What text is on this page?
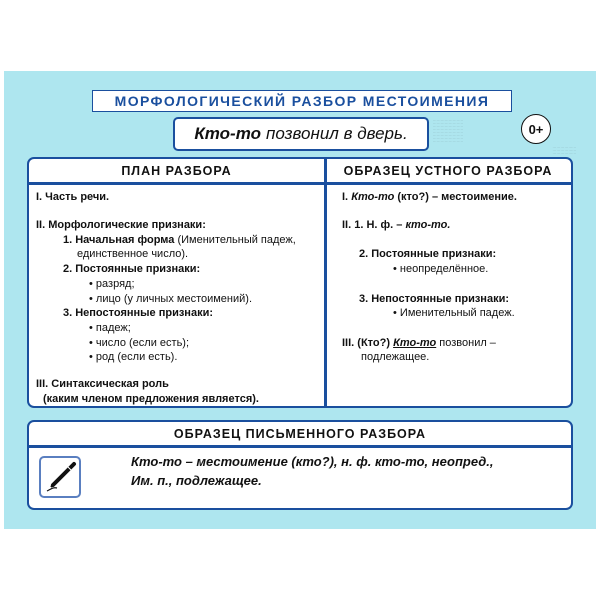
МОРФОЛОГИЧЕСКИЙ РАЗБОР МЕСТОИМЕНИЯ
Кто-то позвонил в дверь.
. . . . . . . . . . . . . . . . . . . . . . .
. . . . . . . . . . . . . . . . . . . . . . .
. . . . . . . . . . . . . . . . . . . . . . .
. . . . . . . . . . . . . . . . . . . . . . .
. . . . . . . . . . . . . . . . . . . . . . .
. . . . . . . . . . . . . . . . . . . . . . .
. . . . . . . . . . . . . . . . . . . . . . .
. . . . . . . . . . . . . . . . . . . . . . .
0+
. . . . . . . . . . . . . . . . . .
. . . . . . . . . . . . . . . . . .
. . . . . . . . . . . . . . . . . .
ПЛАН РАЗБОРА	ОБРАЗЕЦ УСТНОГО РАЗБОРА
I. Часть речи.
II. Морфологические признаки:
1. Начальная форма (Именительный падеж,
единственное число).
2. Постоянные признаки:
• разряд;
• лицо (у личных местоимений).
3. Непостоянные признаки:
• падеж;
• число (если есть);
• род (если есть).
III. Синтаксическая роль
(каким членом предложения является).
I. Кто-то (кто?) – местоимение.
II. 1. Н. ф. – кто-то.
2. Постоянные признаки:
• неопределённое.
3. Непостоянные признаки:
• Именительный падеж.
III. (Кто?) Кто-то позвонил –
подлежащее.
ОБРАЗЕЦ ПИСЬМЕННОГО РАЗБОРА
Кто-то – местоимение (кто?), н. ф. кто-то, неопред.,
Им. п., подлежащее.
